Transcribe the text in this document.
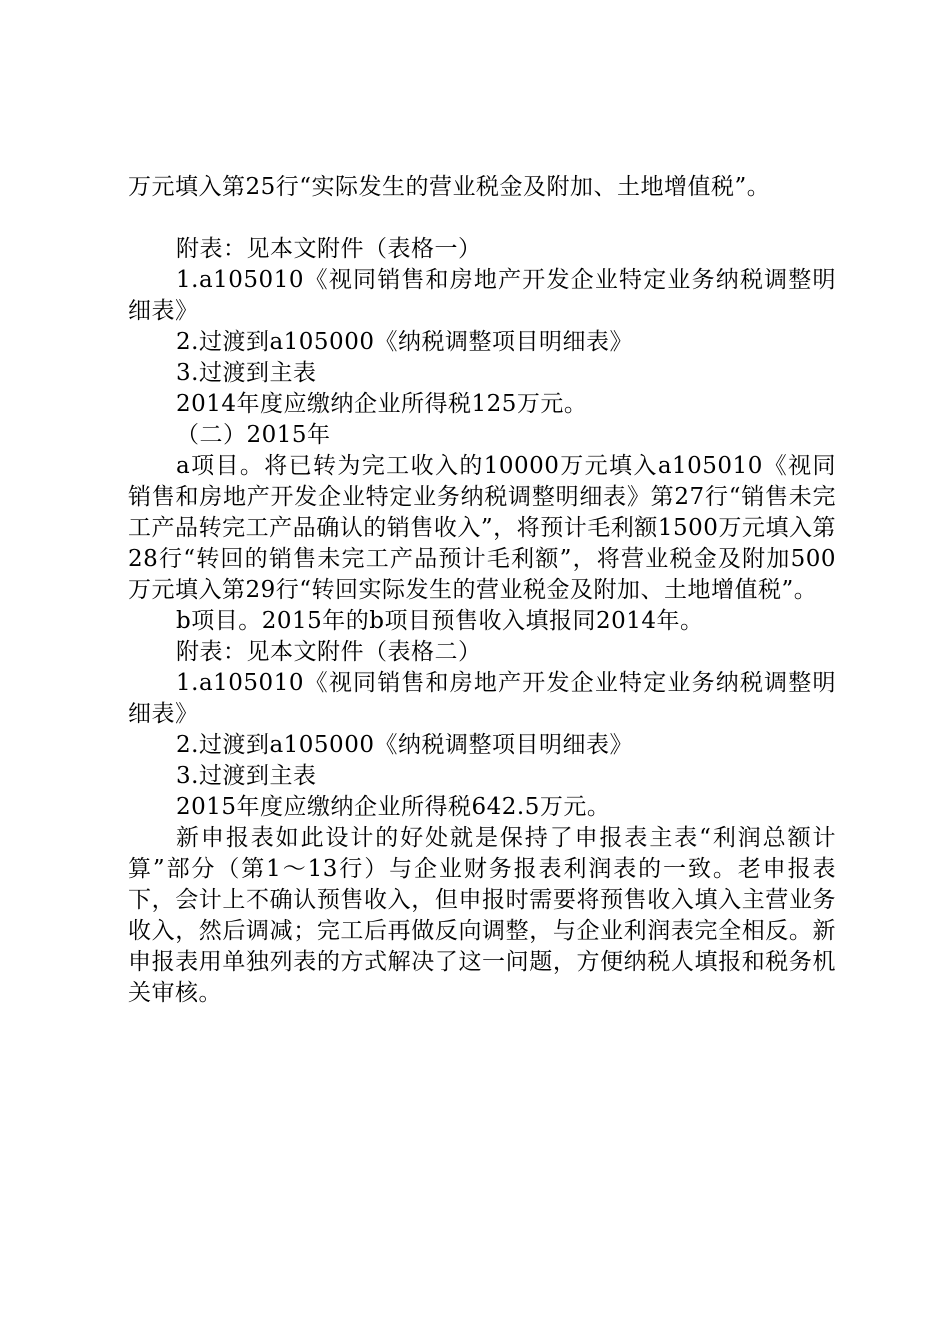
万元填入第25行“实际发生的营业税金及附加、土地增值税”。

附表：见本文附件（表格一）

1.a105010《视同销售和房地产开发企业特定业务纳税调整明细表》

2.过渡到a105000《纳税调整项目明细表》

3.过渡到主表

2014年度应缴纳企业所得税125万元。

（二）2015年

a项目。将已转为完工收入的10000万元填入a105010《视同销售和房地产开发企业特定业务纳税调整明细表》第27行“销售未完工产品转完工产品确认的销售收入”，将预计毛利额1500万元填入第28行“转回的销售未完工产品预计毛利额”，将营业税金及附加500万元填入第29行“转回实际发生的营业税金及附加、土地增值税”。

b项目。2015年的b项目预售收入填报同2014年。

附表：见本文附件（表格二）

1.a105010《视同销售和房地产开发企业特定业务纳税调整明细表》

2.过渡到a105000《纳税调整项目明细表》

3.过渡到主表

2015年度应缴纳企业所得税642.5万元。

新申报表如此设计的好处就是保持了申报表主表“利润总额计算”部分（第1～13行）与企业财务报表利润表的一致。老申报表下，会计上不确认预售收入，但申报时需要将预售收入填入主营业务收入，然后调减；完工后再做反向调整，与企业利润表完全相反。新申报表用单独列表的方式解决了这一问题，方便纳税人填报和税务机关审核。
